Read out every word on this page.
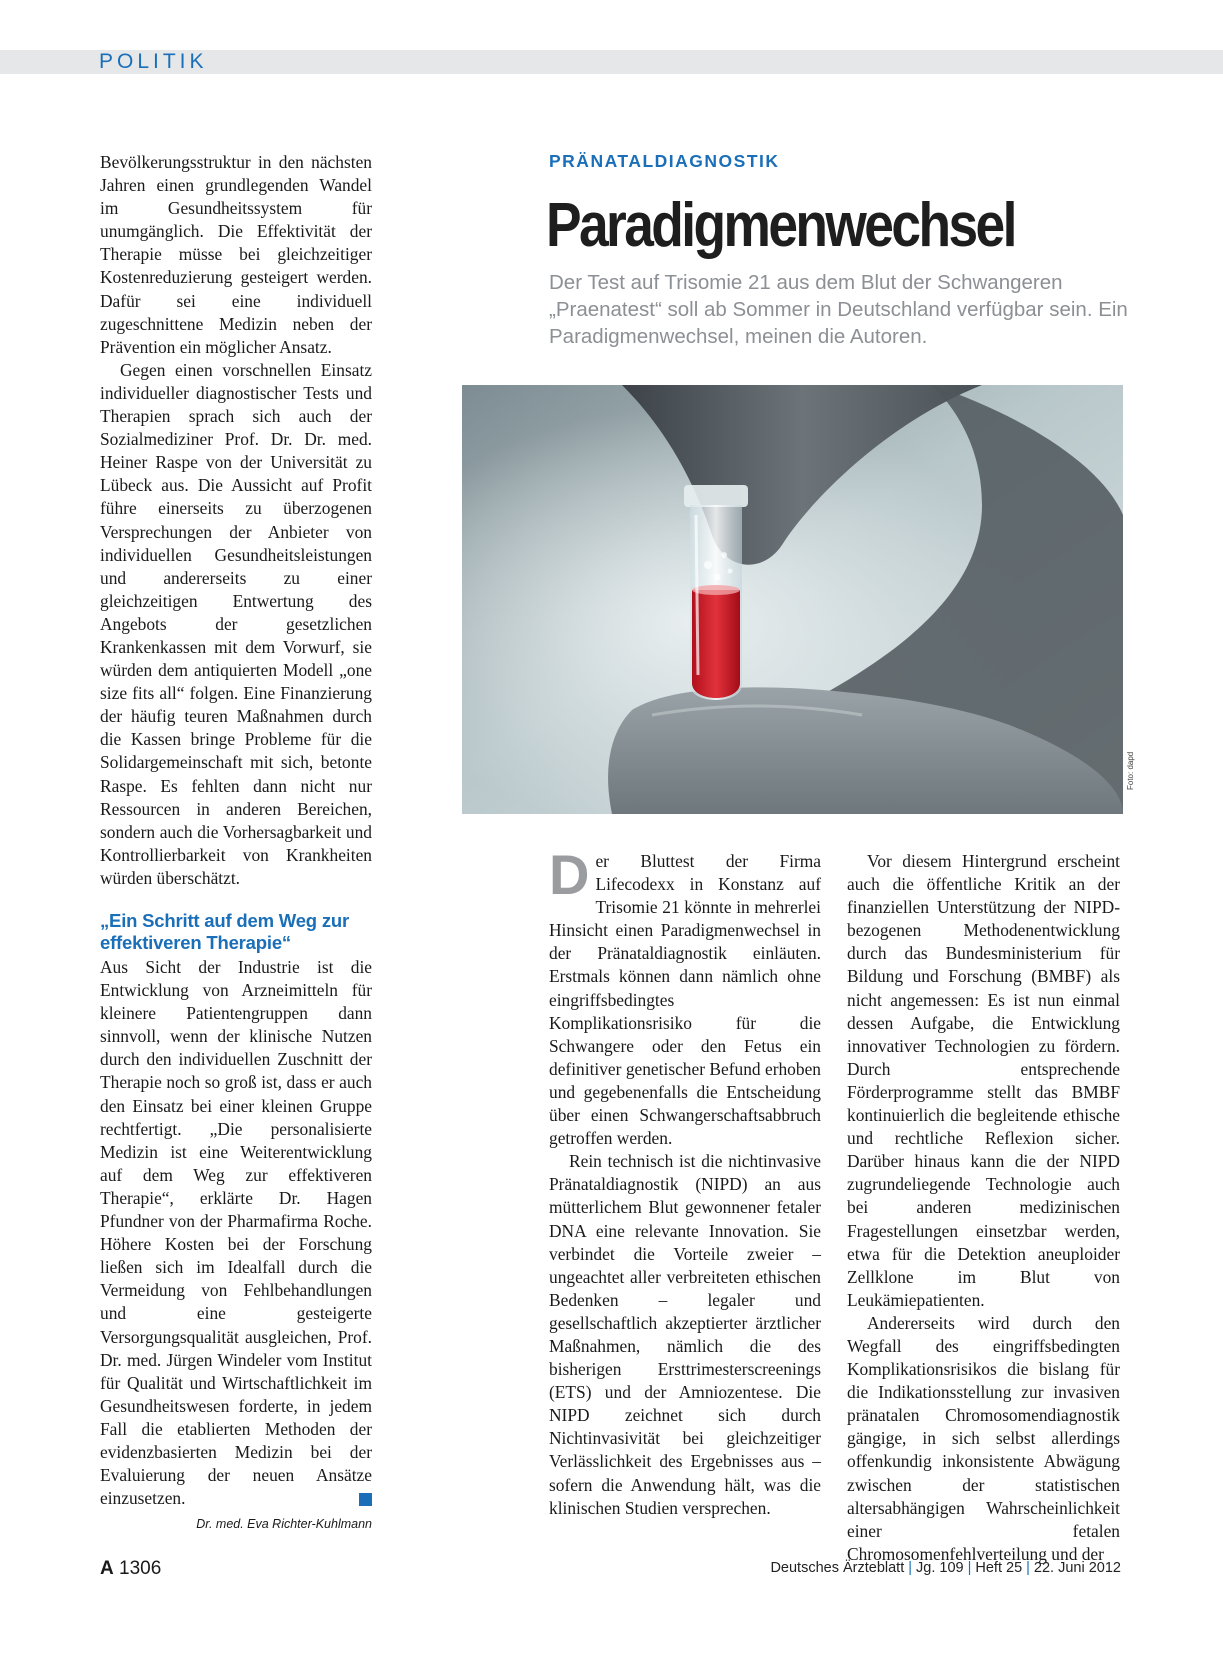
POLITIK

Bevölkerungsstruktur in den nächsten Jahren einen grundlegenden Wandel im Gesundheitssystem für unumgänglich. Die Effektivität der Therapie müsse bei gleichzeitiger Kostenreduzierung gesteigert werden. Dafür sei eine individuell zugeschnittene Medizin neben der Prävention ein möglicher Ansatz.

Gegen einen vorschnellen Einsatz individueller diagnostischer Tests und Therapien sprach sich auch der Sozialmediziner Prof. Dr. Dr. med. Heiner Raspe von der Universität zu Lübeck aus. Die Aussicht auf Profit führe einerseits zu überzogenen Versprechungen der Anbieter von individuellen Gesundheitsleistungen und andererseits zu einer gleichzeitigen Entwertung des Angebots der gesetzlichen Krankenkassen mit dem Vorwurf, sie würden dem antiquierten Modell „one size fits all“ folgen. Eine Finanzierung der häufig teuren Maßnahmen durch die Kassen bringe Probleme für die Solidargemeinschaft mit sich, betonte Raspe. Es fehlten dann nicht nur Ressourcen in anderen Bereichen, sondern auch die Vorhersagbarkeit und Kontrollierbarkeit von Krankheiten würden überschätzt.

„Ein Schritt auf dem Weg zur effektiveren Therapie“

Aus Sicht der Industrie ist die Entwicklung von Arzneimitteln für kleinere Patientengruppen dann sinnvoll, wenn der klinische Nutzen durch den individuellen Zuschnitt der Therapie noch so groß ist, dass er auch den Einsatz bei einer kleinen Gruppe rechtfertigt. „Die personalisierte Medizin ist eine Weiterentwicklung auf dem Weg zur effektiveren Therapie“, erklärte Dr. Hagen Pfundner von der Pharmafirma Roche. Höhere Kosten bei der Forschung ließen sich im Idealfall durch die Vermeidung von Fehlbehandlungen und eine gesteigerte Versorgungsqualität ausgleichen, Prof. Dr. med. Jürgen Windeler vom Institut für Qualität und Wirtschaftlichkeit im Gesundheitswesen forderte, in jedem Fall die etablierten Methoden der evidenzbasierten Medizin bei der Evaluierung der neuen Ansätze einzusetzen.

Dr. med. Eva Richter-Kuhlmann
PRÄNATALDIAGNOSTIK
Paradigmenwechsel
Der Test auf Trisomie 21 aus dem Blut der Schwangeren „Praenatest“ soll ab Sommer in Deutschland verfügbar sein. Ein Paradigmenwechsel, meinen die Autoren.
Foto: dapd

Der Bluttest der Firma Lifecodexx in Konstanz auf Trisomie 21 könnte in mehrerlei Hinsicht einen Paradigmenwechsel in der Pränataldiagnostik einläuten. Erstmals können dann nämlich ohne eingriffsbedingtes Komplikationsrisiko für die Schwangere oder den Fetus ein definitiver genetischer Befund erhoben und gegebenenfalls die Entscheidung über einen Schwangerschaftsabbruch getroffen werden.

Rein technisch ist die nichtinvasive Pränataldiagnostik (NIPD) an aus mütterlichem Blut gewonnener fetaler DNA eine relevante Innovation. Sie verbindet die Vorteile zweier – ungeachtet aller verbreiteten ethischen Bedenken – legaler und gesellschaftlich akzeptierter ärztlicher Maßnahmen, nämlich die des bisherigen Ersttrimesterscreenings (ETS) und der Amniozentese. Die NIPD zeichnet sich durch Nichtinvasivität bei gleichzeitiger Verlässlichkeit des Ergebnisses aus – sofern die Anwendung hält, was die klinischen Studien versprechen.

Vor diesem Hintergrund erscheint auch die öffentliche Kritik an der finanziellen Unterstützung der NIPD-bezogenen Methodenentwicklung durch das Bundesministerium für Bildung und Forschung (BMBF) als nicht angemessen: Es ist nun einmal dessen Aufgabe, die Entwicklung innovativer Technologien zu fördern. Durch entsprechende Förderprogramme stellt das BMBF kontinuierlich die begleitende ethische und rechtliche Reflexion sicher. Darüber hinaus kann die der NIPD zugrundeliegende Technologie auch bei anderen medizinischen Fragestellungen einsetzbar werden, etwa für die Detektion aneuploider Zellklone im Blut von Leukämiepatienten.

Andererseits wird durch den Wegfall des eingriffsbedingten Komplikationsrisikos die bislang für die Indikationsstellung zur invasiven pränatalen Chromosomendiagnostik gängige, in sich selbst allerdings offenkundig inkonsistente Abwägung zwischen der statistischen altersabhängigen Wahrscheinlichkeit einer fetalen Chromosomenfehlverteilung und der

A 1306	Deutsches Ärzteblatt | Jg. 109 | Heft 25 | 22. Juni 2012
